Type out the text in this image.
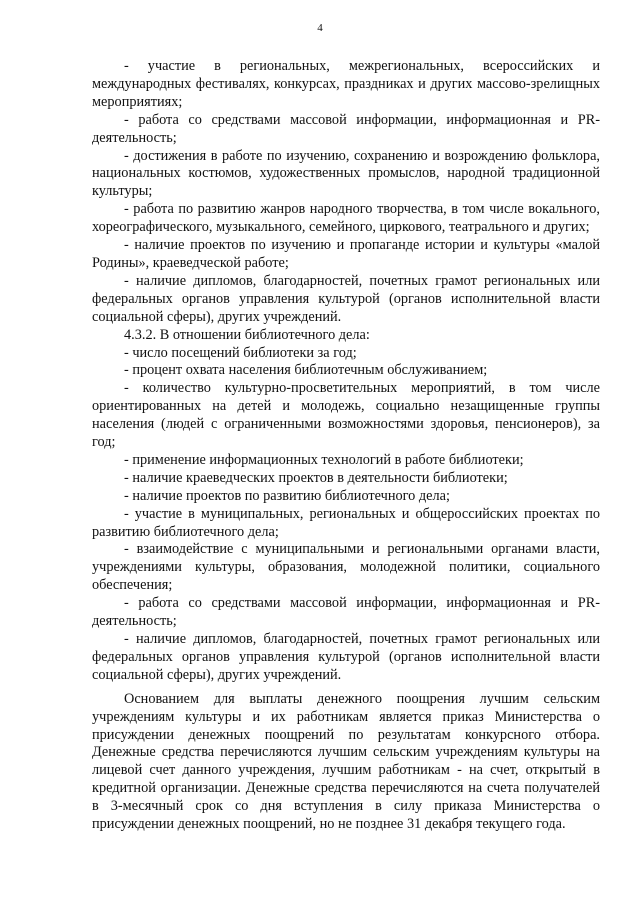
4

- участие в региональных, межрегиональных, всероссийских и международных фестивалях, конкурсах, праздниках и других массово-зрелищных мероприятиях;

- работа со средствами массовой информации, информационная и PR-деятельность;

- достижения в работе по изучению, сохранению и возрождению фольклора, национальных костюмов, художественных промыслов, народной традиционной культуры;

- работа по развитию жанров народного творчества, в том числе вокального, хореографического, музыкального, семейного, циркового, театрального и других;

- наличие проектов по изучению и пропаганде истории и культуры «малой Родины», краеведческой работе;

- наличие дипломов, благодарностей, почетных грамот региональных или федеральных органов управления культурой (органов исполнительной власти социальной сферы), других учреждений.

4.3.2. В отношении библиотечного дела:

- число посещений библиотеки за год;

- процент охвата населения библиотечным обслуживанием;

- количество культурно-просветительных мероприятий, в том числе ориентированных на детей и молодежь, социально незащищенные группы населения (людей с ограниченными возможностями здоровья, пенсионеров), за год;

- применение информационных технологий в работе библиотеки;

- наличие краеведческих проектов в деятельности библиотеки;

- наличие проектов по развитию библиотечного дела;

- участие в муниципальных, региональных и общероссийских проектах по развитию библиотечного дела;

- взаимодействие с муниципальными и региональными органами власти, учреждениями культуры, образования, молодежной политики, социального обеспечения;

- работа со средствами массовой информации, информационная и PR-деятельность;

- наличие дипломов, благодарностей, почетных грамот региональных или федеральных органов управления культурой (органов исполнительной власти социальной сферы), других учреждений.

Основанием для выплаты денежного поощрения лучшим сельским учреждениям культуры и их работникам является приказ Министерства о присуждении денежных поощрений по результатам конкурсного отбора. Денежные средства перечисляются лучшим сельским учреждениям культуры на лицевой счет данного учреждения, лучшим работникам - на счет, открытый в кредитной организации. Денежные средства перечисляются на счета получателей в 3-месячный срок со дня вступления в силу приказа Министерства о присуждении денежных поощрений, но не позднее 31 декабря текущего года.
